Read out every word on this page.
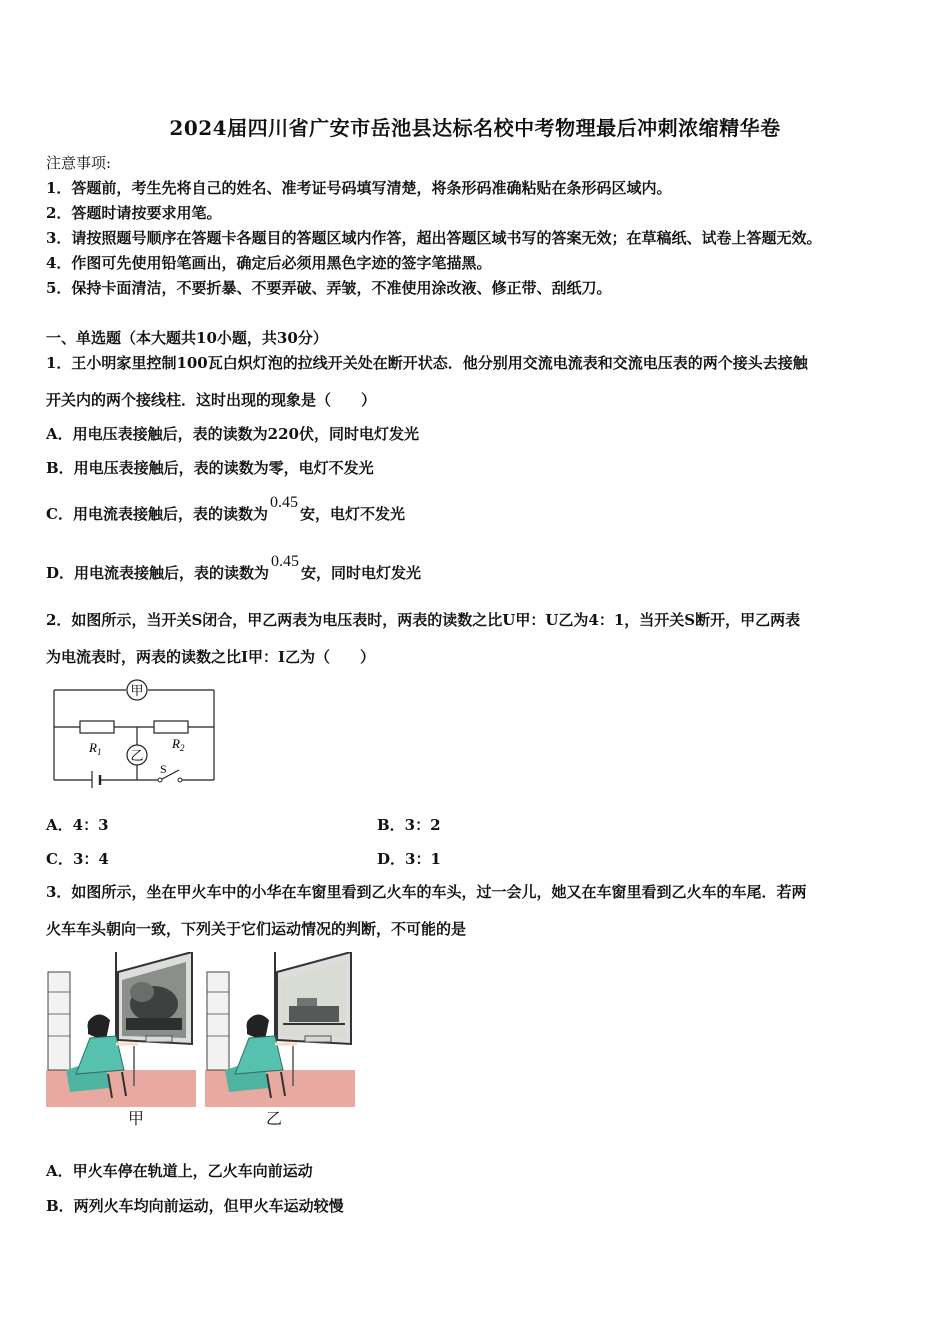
2024届四川省广安市岳池县达标名校中考物理最后冲刺浓缩精华卷
注意事项:
1．答题前，考生先将自己的姓名、准考证号码填写清楚，将条形码准确粘贴在条形码区域内。
2．答题时请按要求用笔。
3．请按照题号顺序在答题卡各题目的答题区域内作答，超出答题区域书写的答案无效；在草稿纸、试卷上答题无效。
4．作图可先使用铅笔画出，确定后必须用黑色字迹的签字笔描黑。
5．保持卡面清洁，不要折暴、不要弄破、弄皱，不准使用涂改液、修正带、刮纸刀。
一、单选题（本大题共10小题，共30分）
1．王小明家里控制100瓦白炽灯泡的拉线开关处在断开状态．他分别用交流电流表和交流电压表的两个接头去接触
开关内的两个接线柱．这时出现的现象是（　　）
A．用电压表接触后，表的读数为220伏，同时电灯发光
B．用电压表接触后，表的读数为零，电灯不发光
C．用电流表接触后，表的读数为0.45安，电灯不发光
D．用电流表接触后，表的读数为0.45安，同时电灯发光
2．如图所示，当开关S闭合，甲乙两表为电压表时，两表的读数之比U甲：U乙为4：1，当开关S断开，甲乙两表
为电流表时，两表的读数之比I甲：I乙为（　　）
甲
乙
S
$R_1$
$R_2$
A．4：3	B．3：2
C．3：4	D．3：1
3．如图所示，坐在甲火车中的小华在车窗里看到乙火车的车头，过一会儿，她又在车窗里看到乙火车的车尾．若两
火车车头朝向一致，下列关于它们运动情况的判断，不可能的是
甲	乙
A．甲火车停在轨道上，乙火车向前运动
B．两列火车均向前运动，但甲火车运动较慢
